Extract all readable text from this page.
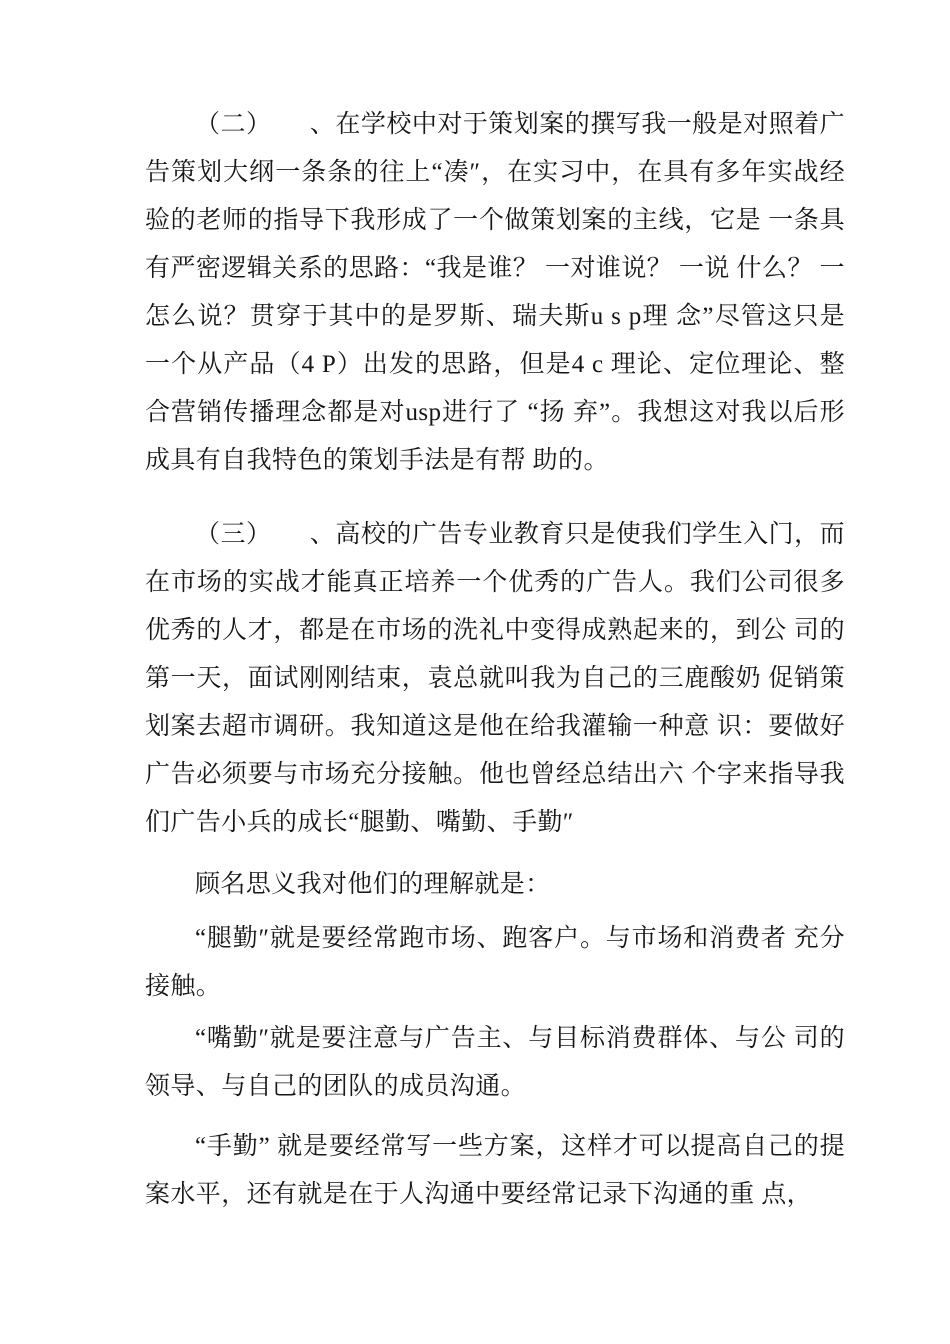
（二）　　、在学校中对于策划案的撰写我一般是对照着广 告策划大纲一条条的往上“凑″，在实习中，在具有多年实战经验的老师的指导下我形成了一个做策划案的主线，它是 一条具有严密逻辑关系的思路：“我是谁？ 一对谁说？ 一说 什么？ 一怎么说？贯穿于其中的是罗斯、瑞夫斯u s p理 念”尽管这只是一个从产品（4 P）出发的思路，但是4 c 理论、定位理论、整合营销传播理念都是对usp进行了 “扬 弃”。我想这对我以后形成具有自我特色的策划手法是有帮 助的。

（三）　　、高校的广告专业教育只是使我们学生入门，而 在市场的实战才能真正培养一个优秀的广告人。我们公司很多优秀的人才，都是在市场的洗礼中变得成熟起来的，到公 司的第一天，面试刚刚结束，袁总就叫我为自己的三鹿酸奶 促销策划案去超市调研。我知道这是他在给我灌输一种意 识：要做好广告必须要与市场充分接触。他也曾经总结出六 个字来指导我们广告小兵的成长“腿勤、嘴勤、手勤″

顾名思义我对他们的理解就是：

“腿勤″就是要经常跑市场、跑客户。与市场和消费者 充分接触。

“嘴勤″就是要注意与广告主、与目标消费群体、与公 司的领导、与自己的团队的成员沟通。

“手勤” 就是要经常写一些方案，这样才可以提高自己的提案水平，还有就是在于人沟通中要经常记录下沟通的重 点，
